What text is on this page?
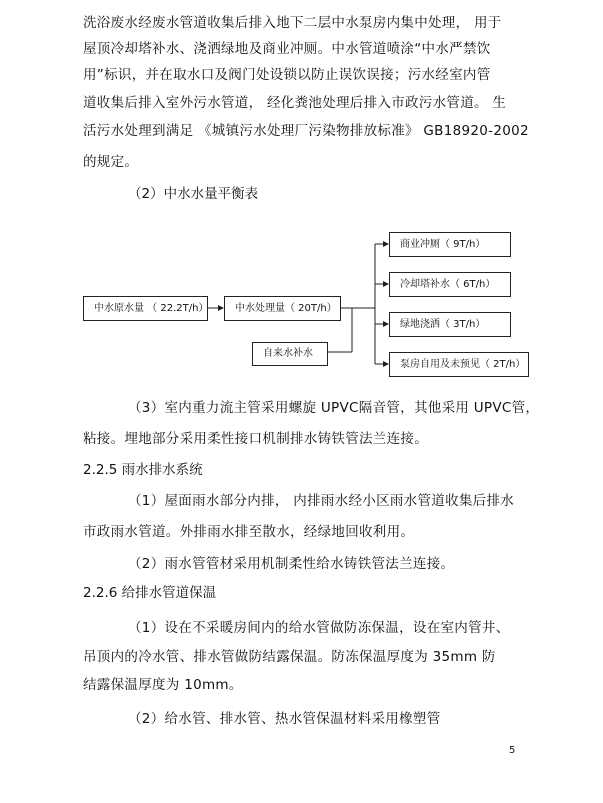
洗浴废水经废水管道收集后排入地下二层中水泵房内集中处理， 用于
屋顶冷却塔补水、浇洒绿地及商业冲厕。中水管道喷涂“中水严禁饮
用”标识，并在取水口及阀门处设锁以防止误饮误接；污水经室内管
道收集后排入室外污水管道， 经化粪池处理后排入市政污水管道。 生
活污水处理到满足 《城镇污水处理厂污染物排放标准》 GB18920-2002
的规定。
（2）中水水量平衡表
中水原水量 （ 22.2T/h）	中水处理量（ 20T/h）
自来水补水
商业冲厕（ 9T/h）
冷却塔补水（ 6T/h）
绿地浇洒（ 3T/h）
泵房自用及未预见（ 2T/h）
（3）室内重力流主管采用螺旋 UPVC隔音管，其他采用 UPVC管，
粘接。埋地部分采用柔性接口机制排水铸铁管法兰连接。
2.2.5 雨水排水系统
（1）屋面雨水部分内排， 内排雨水经小区雨水管道收集后排水
市政雨水管道。外排雨水排至散水，经绿地回收利用。
（2）雨水管管材采用机制柔性给水铸铁管法兰连接。
2.2.6 给排水管道保温
（1）设在不采暖房间内的给水管做防冻保温，设在室内管井、
吊顶内的冷水管、排水管做防结露保温。防冻保温厚度为 35mm 防
结露保温厚度为 10mm。
（2）给水管、排水管、热水管保温材料采用橡塑管
5
